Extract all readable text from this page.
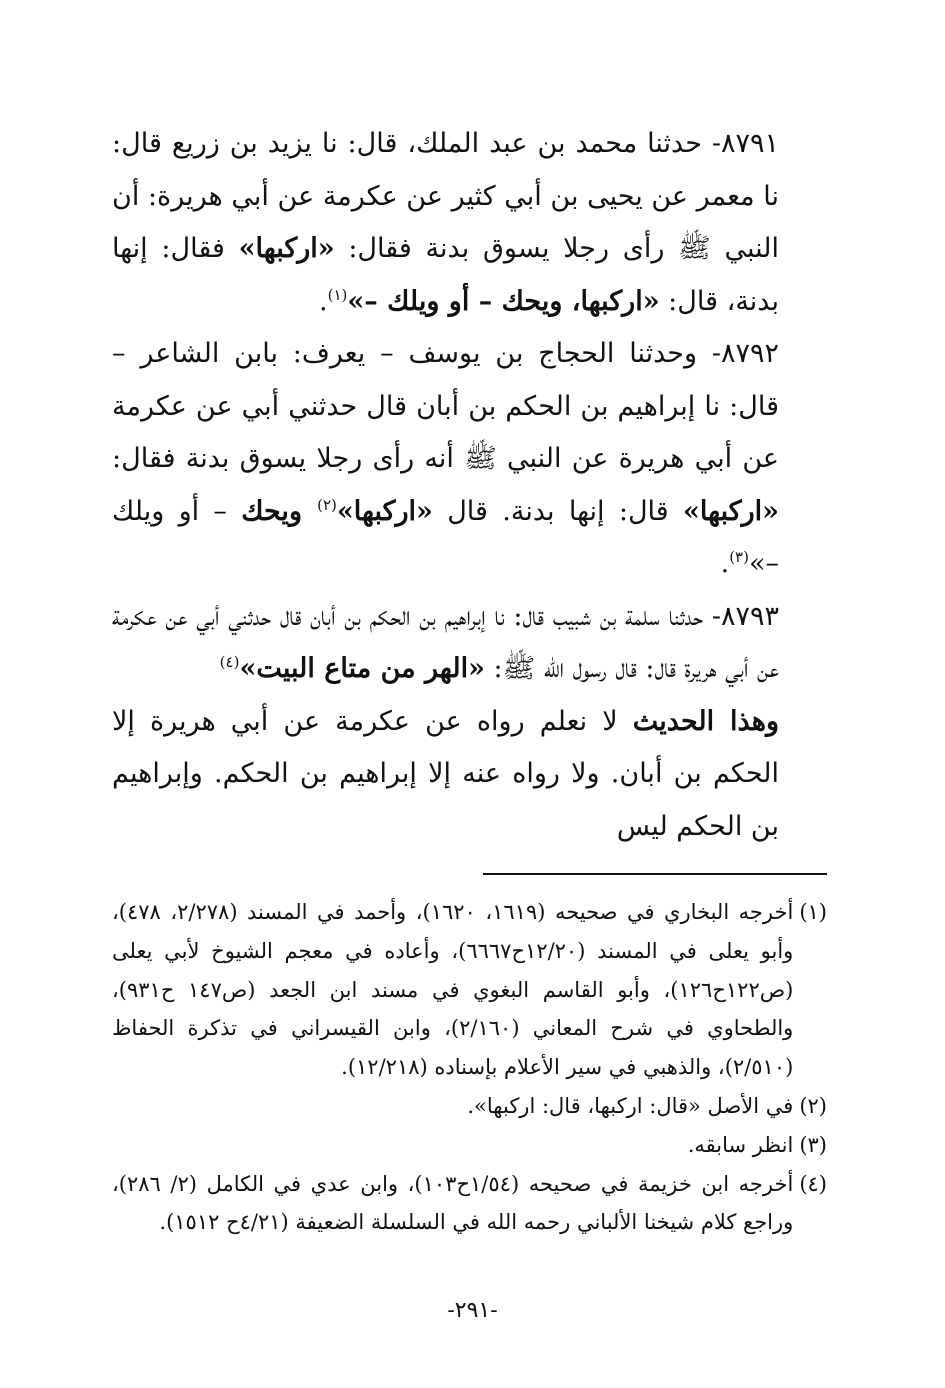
٨٧٩١- حدثنا محمد بن عبد الملك، قال: نا يزيد بن زريع قال: نا معمر عن يحيى بن أبي كثير عن عكرمة عن أبي هريرة: أن النبي ﷺ رأى رجلا يسوق بدنة فقال: «اركبها» فقال: إنها بدنة، قال: «اركبها، ويحك – أو ويلك –»$^{(١)}$.

٨٧٩٢- وحدثنا الحجاج بن يوسف – يعرف: بابن الشاعر – قال: نا إبراهيم بن الحكم بن أبان قال حدثني أبي عن عكرمة عن أبي هريرة عن النبي ﷺ أنه رأى رجلا يسوق بدنة فقال: «اركبها» قال: إنها بدنة. قال «اركبها»$^{(٢)}$ ويحك – أو ويلك –»$^{(٣)}$.

٨٧٩٣- حدثنا سلمة بن شبيب قال: نا إبراهيم بن الحكم بن أبان قال حدثني أبي عن عكرمة عن أبي هريرة قال: قال رسول الله ﷺ: «الهر من متاع البيت»$^{(٤)}$

وهذا الحديث لا نعلم رواه عن عكرمة عن أبي هريرة إلا الحكم بن أبان. ولا رواه عنه إلا إبراهيم بن الحكم. وإبراهيم بن الحكم ليس

(١)
أخرجه البخاري في صحيحه (١٦١٩، ١٦٢٠)، وأحمد في المسند (٢/٢٧٨، ٤٧٨)، وأبو يعلى في المسند (١٢/٢٠ح٦٦٦٧)، وأعاده في معجم الشيوخ لأبي يعلى (ص١٢٢ح١٢٦)، وأبو القاسم البغوي في مسند ابن الجعد (ص١٤٧ ح٩٣١)، والطحاوي في شرح المعاني (٢/١٦٠)، وابن القيسراني في تذكرة الحفاظ (٢/٥١٠)، والذهبي في سير الأعلام بإسناده (١٢/٢١٨).
(٢)
في الأصل «قال: اركبها، قال: اركبها».
(٣)
انظر سابقه.
(٤)
أخرجه ابن خزيمة في صحيحه (١/٥٤ح١٠٣)، وابن عدي في الكامل (٢/ ٢٨٦)، وراجع كلام شيخنا الألباني رحمه الله في السلسلة الضعيفة (٤/٢١ح ١٥١٢).
-٢٩١-
